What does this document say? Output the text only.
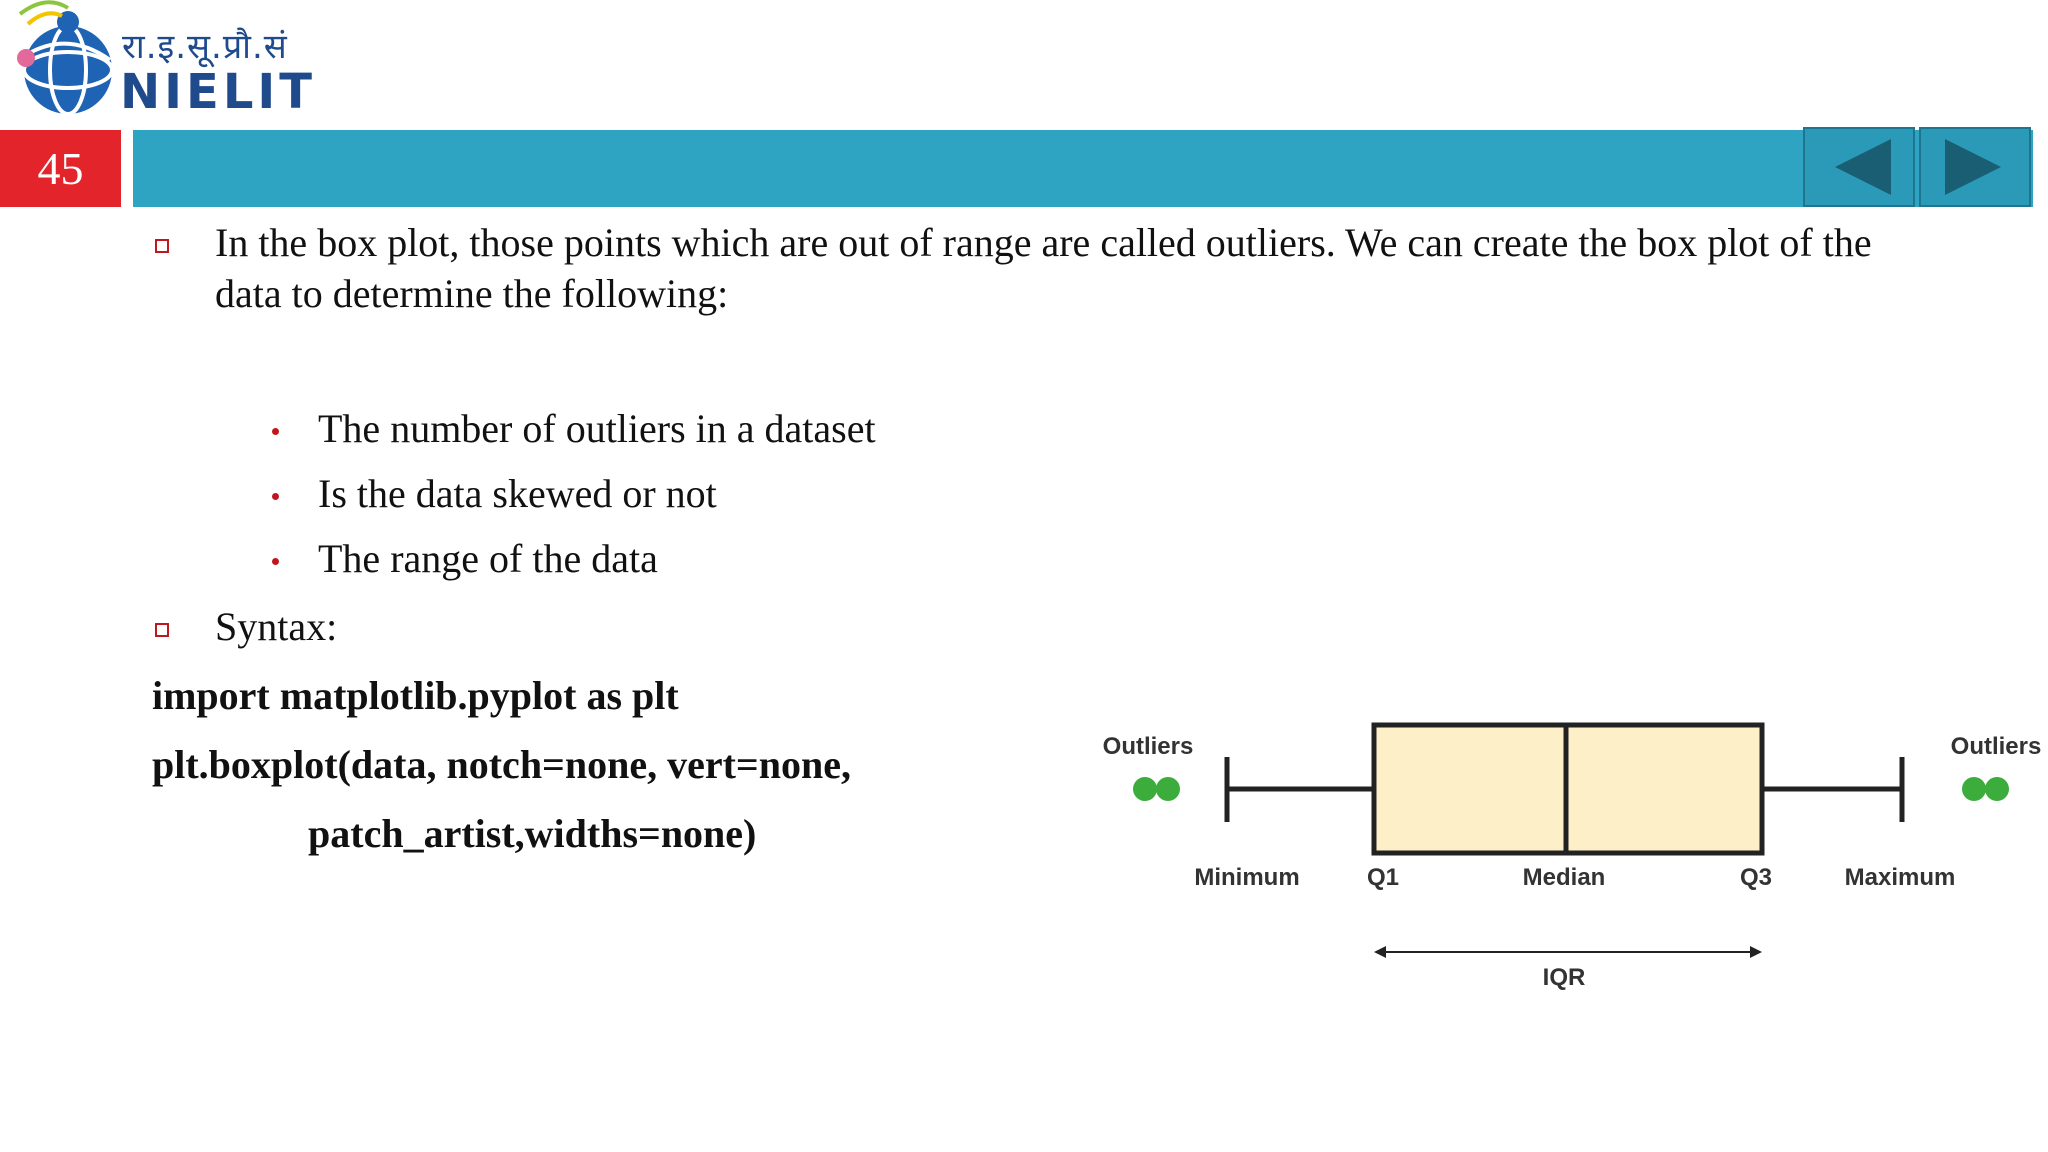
रा.इ.सू.प्रौ.सं
NIELIT
45
In the box plot, those points which are out of range are called outliers. We can create the box plot of the
data to determine the following:
The number of outliers in a dataset
Is the data skewed or not
The range of the data
Syntax:
import matplotlib.pyplot as plt
plt.boxplot(data, notch=none, vert=none,
patch_artist,widths=none)
Outliers	Outliers
Minimum	Q1	Median	Q3	Maximum
IQR
